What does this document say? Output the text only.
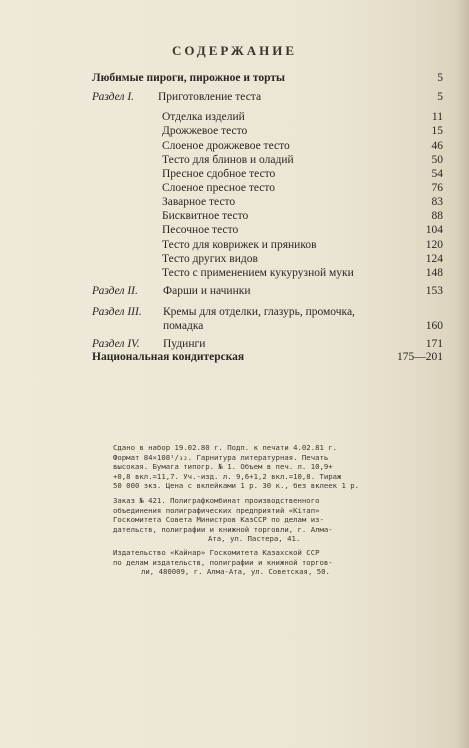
СОДЕРЖАНИЕ
Любимые пироги, пирожное и торты	5
Раздел I. Приготовление теста	5
Отделка изделий	11
Дрожжевое тесто	15
Слоеное дрожжевое тесто	46
Тесто для блинов и оладий	50
Пресное сдобное тесто	54
Слоеное пресное тесто	76
Заварное тесто	83
Бисквитное тесто	88
Песочное тесто	104
Тесто для коврижек и пряников	120
Тесто других видов	124
Тесто с применением кукурузной муки	148
Раздел II. Фарши и начинки	153
Раздел III. Кремы для отделки, глазурь, промочка,
помадка	160
Раздел IV. Пудинги	171
Национальная кондитерская	175—201
Сдано в набор 19.02.80 г. Подп. к печати 4.02.81 г.
Формат 84×108¹/₃₂. Гарнитура литературная. Печать
высокая. Бумага типогр. № 1. Объем в печ. л. 10,9+
+0,8 вкл.=11,7. Уч.-изд. л. 9,6+1,2 вкл.=10,8. Тираж
50 000 экз. Цена с вклейками 1 р. 30 к., без вклеек 1 р.
Заказ № 421. Полиграфкомбинат производственного
объединения полиграфических предприятий «Кітап»
Госкомитета Совета Министров КазССР по делам из-
дательств, полиграфии и книжной торговли, г. Алма-
Ата, ул. Пастера, 41.
Издательство «Кайнар» Госкомитета Казахской ССР
по делам издательств, полиграфии и книжной торгов-
ли, 480009, г. Алма-Ата, ул. Советская, 50.
